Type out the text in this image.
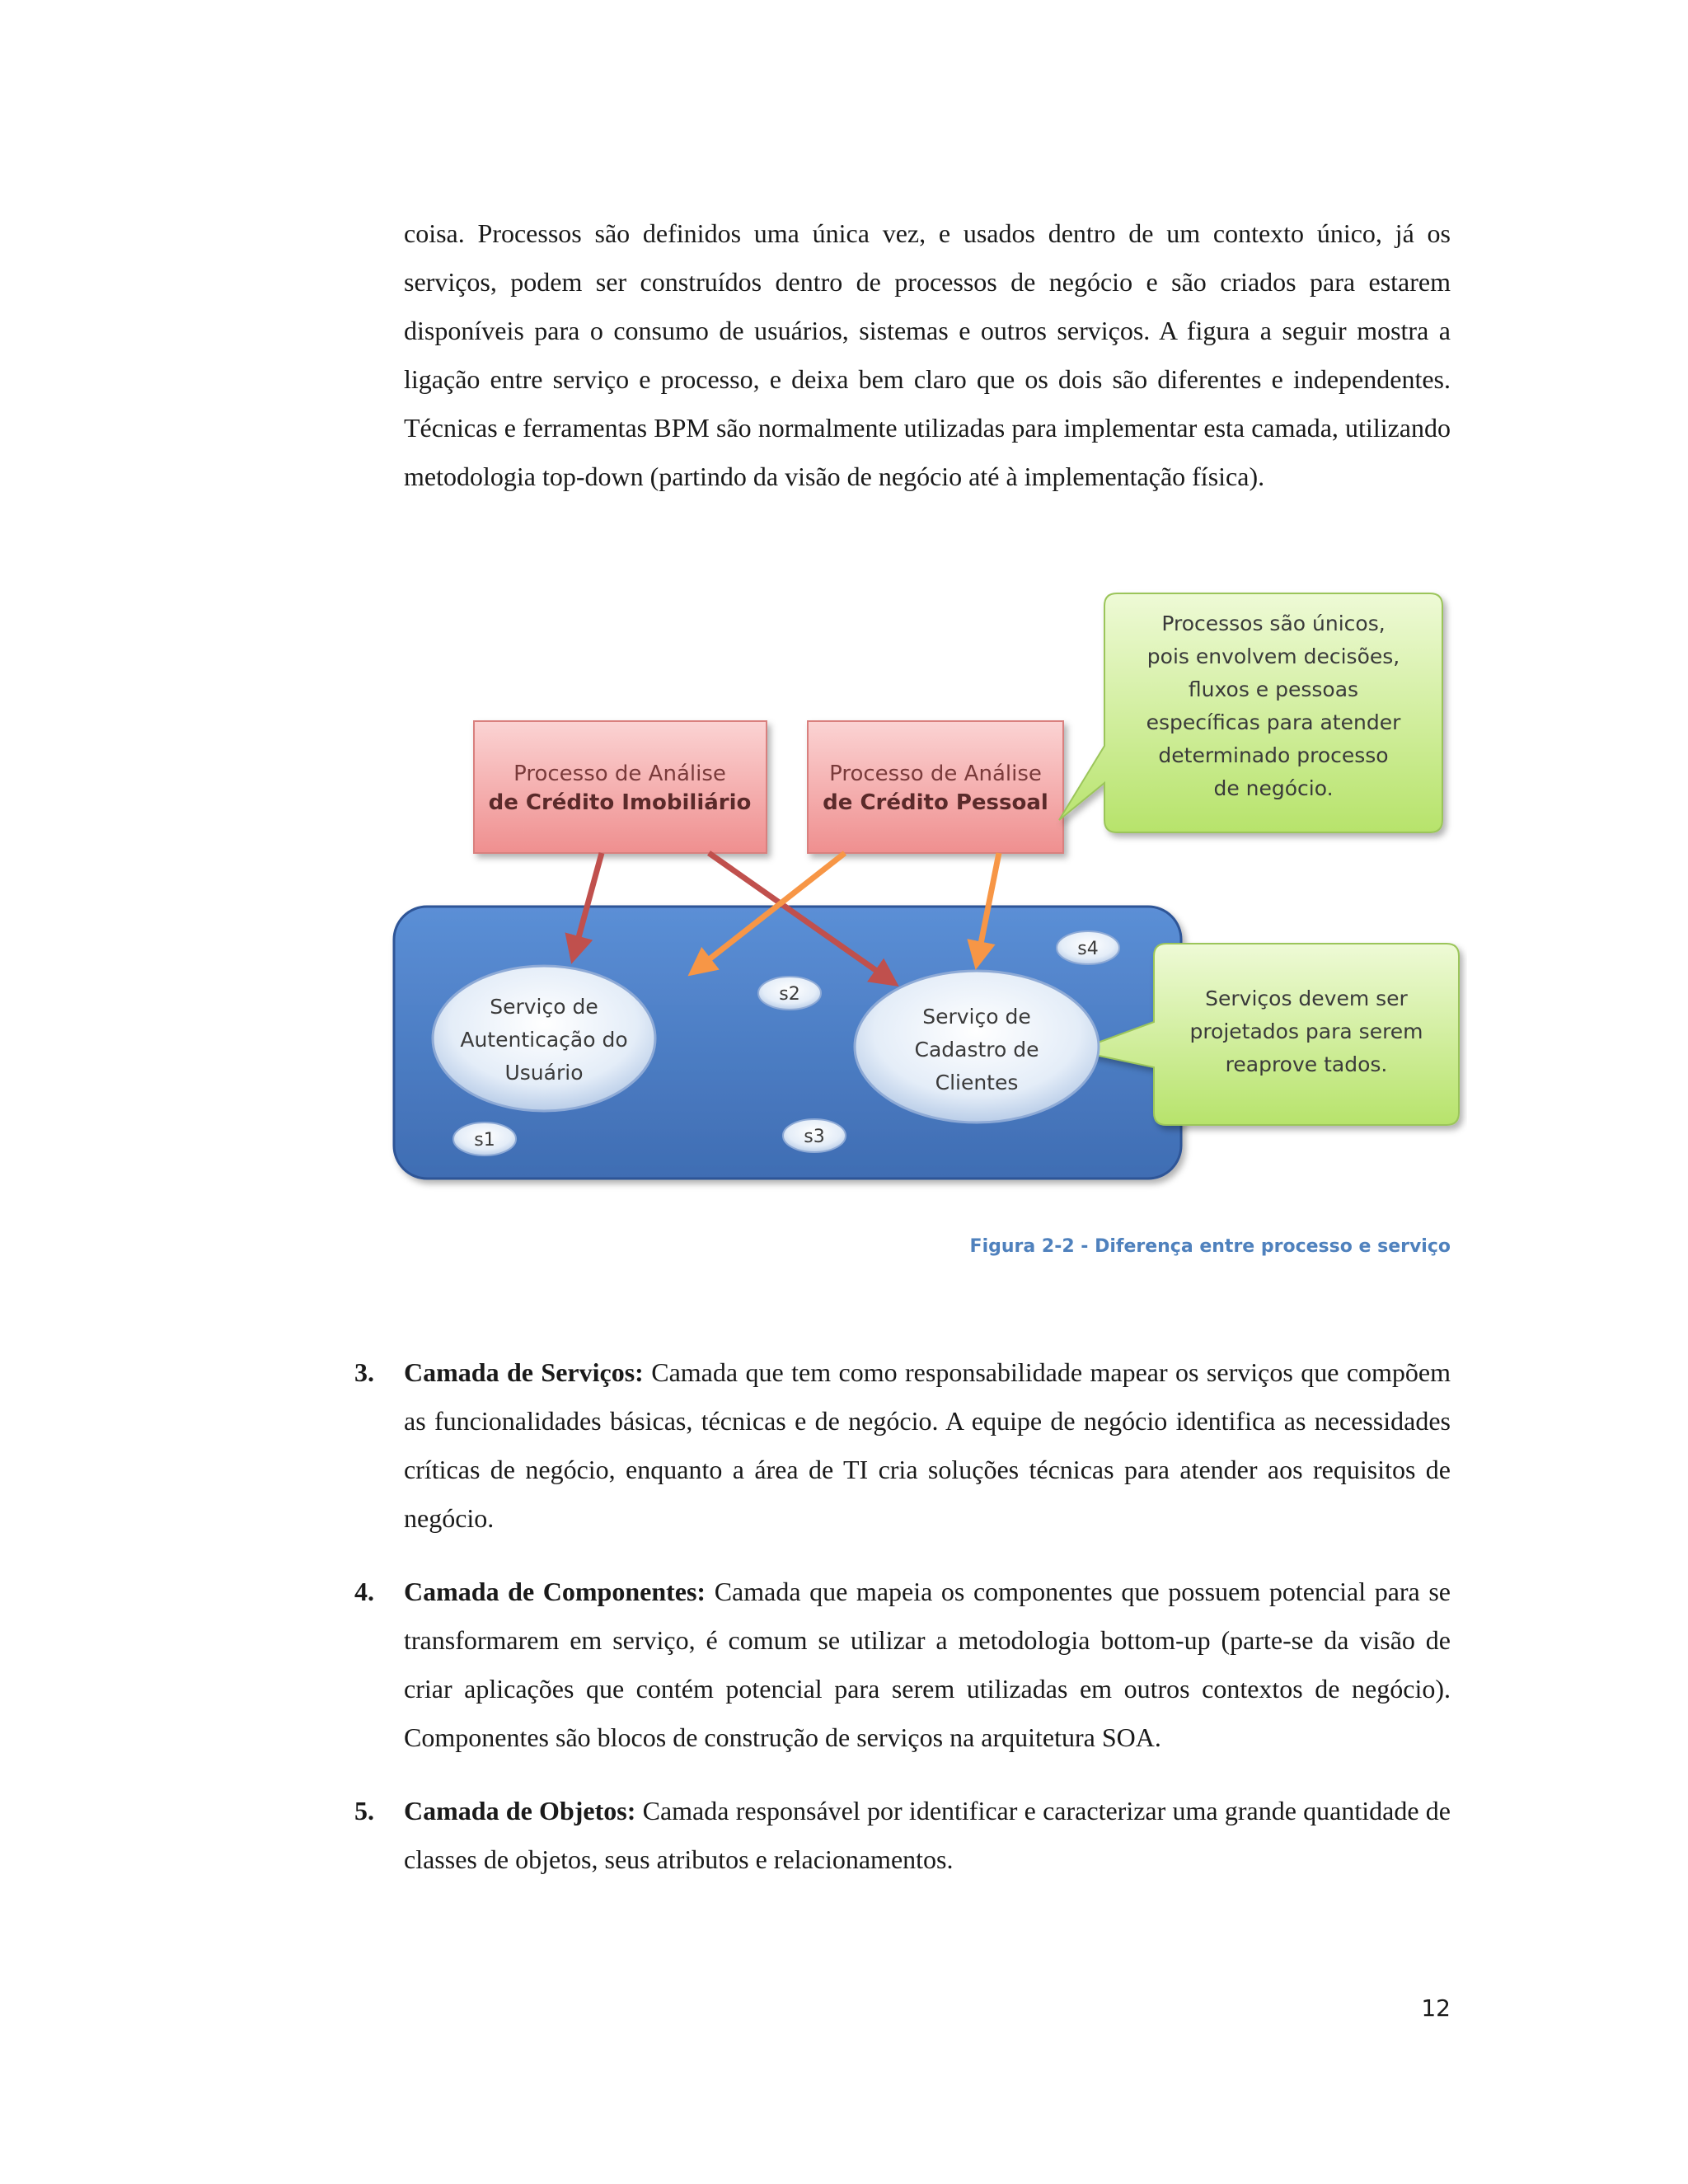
coisa. Processos são definidos uma única vez, e usados dentro de um contexto único, já os serviços, podem ser construídos dentro de processos de negócio e são criados para estarem disponíveis para o consumo de usuários, sistemas e outros serviços. A figura a seguir mostra a ligação entre serviço e processo, e deixa bem claro que os dois são diferentes e independentes. Técnicas e ferramentas BPM são normalmente utilizadas para implementar esta camada, utilizando metodologia top-down (partindo da visão de negócio até à implementação física).

Processo de Análise
de Crédito Imobiliário
Processo de Análise
de Crédito Pessoal
Processos são únicos,
pois envolvem decisões,
fluxos e pessoas
específicas para atender
determinado processo
de negócio.
Serviços devem ser
projetados para serem
reaprove tados.
Serviço de
Autenticação do
Usuário
Serviço de
Cadastro de
Clientes
s1
s2
s3
s4

Figura 2-2 - Diferença entre processo e serviço

3. Camada de Serviços: Camada que tem como responsabilidade mapear os serviços que compõem as funcionalidades básicas, técnicas e de negócio. A equipe de negócio identifica as necessidades críticas de negócio, enquanto a área de TI cria soluções técnicas para atender aos requisitos de negócio.
4. Camada de Componentes: Camada que mapeia os componentes que possuem potencial para se transformarem em serviço, é comum se utilizar a metodologia bottom-up (parte-se da visão de criar aplicações que contém potencial para serem utilizadas em outros contextos de negócio). Componentes são blocos de construção de serviços na arquitetura SOA.
5. Camada de Objetos: Camada responsável por identificar e caracterizar uma grande quantidade de classes de objetos, seus atributos e relacionamentos.

12
